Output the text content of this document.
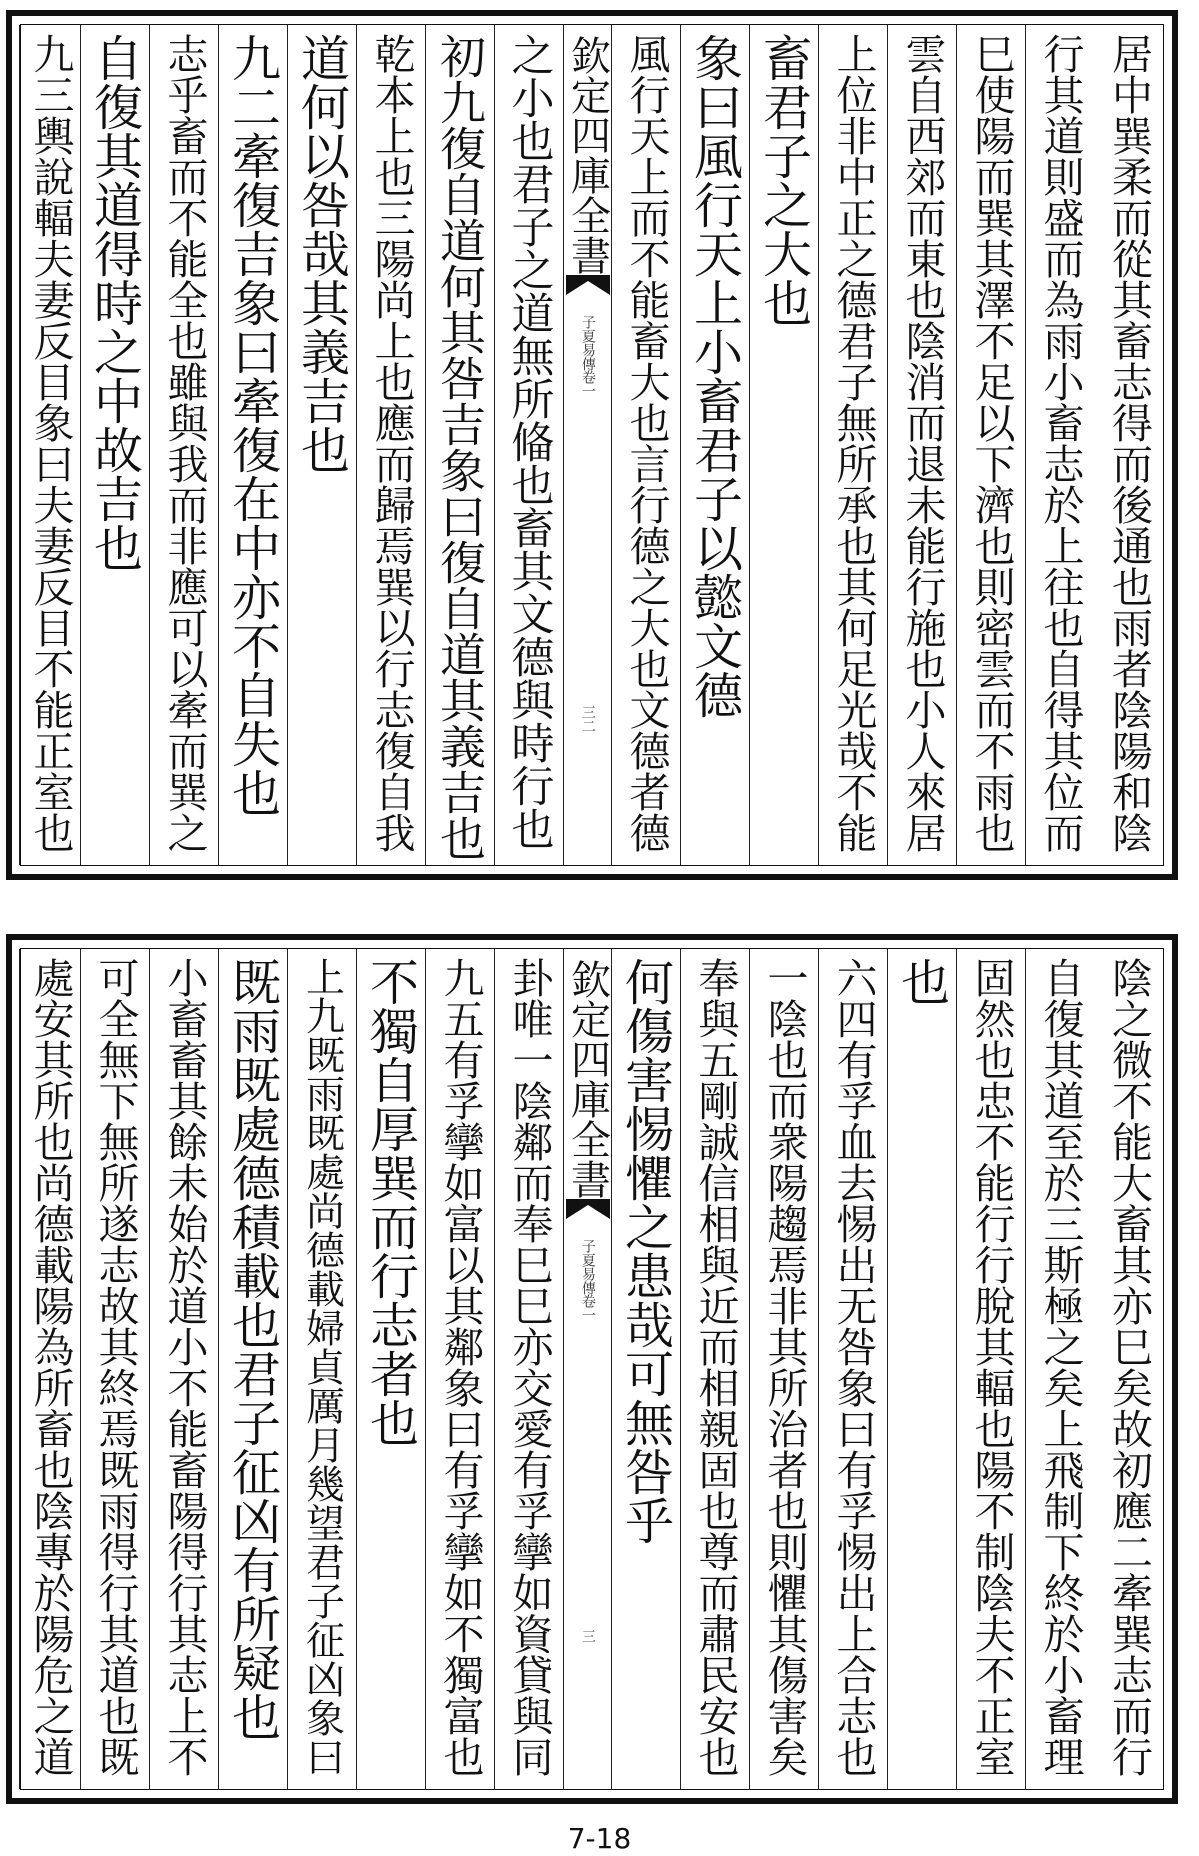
居中巽柔而從其畜志得而後通也雨者陰陽和陰
行其道則盛而為雨小畜志於上往也自得其位而
巳使陽而巽其澤不足以下濟也則密雲而不雨也
雲自西郊而東也陰消而退未能行施也小人來居
上位非中正之德君子無所承也其何足光哉不能
畜君子之大也
象曰風行天上小畜君子以懿文德
風行天上而不能畜大也言行德之大也文德者德
欽定四庫全書
子夏易傳
卷一
三二
之小也君子之道無所偹也畜其文德與時行也
初九復自道何其咎吉象曰復自道其義吉也
乾本上也三陽尚上也應而歸焉巽以行志復自我
道何以咎哉其義吉也
九二牽復吉象曰牽復在中亦不自失也
志乎畜而不能全也雖與我而非應可以牽而巽之
自復其道得時之中故吉也
九三輿說輻夫妻反目象曰夫妻反目不能正室也
陰之微不能大畜其亦巳矣故初應二牽巽志而行
自復其道至於三斯極之矣上飛制下終於小畜理
固然也忠不能行行脫其輻也陽不制陰夫不正室
也
六四有孚血去惕出无咎象曰有孚惕出上合志也
一陰也而衆陽趨焉非其所治者也則懼其傷害矣
奉與五剛誠信相與近而相親固也尊而肅民安也
何傷害惕懼之患哉可無咎乎
欽定四庫全書
子夏易傳
卷一
三
卦唯一陰鄰而奉巳巳亦交愛有孚攣如資貸與同
九五有孚攣如富以其鄰象曰有孚攣如不獨富也
不獨自厚巽而行志者也
上九既雨既處尚德載婦貞厲月幾望君子征凶象曰
既雨既處德積載也君子征凶有所疑也
小畜畜其餘未始於道小不能畜陽得行其志上不
可全無下無所遂志故其終焉既雨得行其道也既
處安其所也尚德載陽為所畜也陰專於陽危之道
7-18
